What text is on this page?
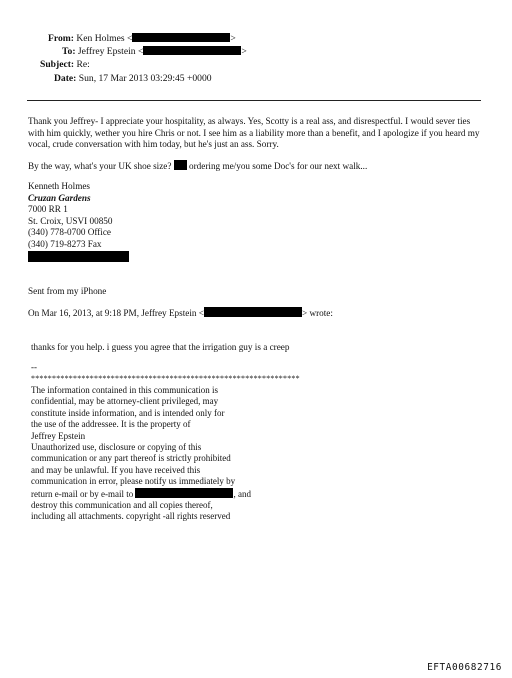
From: Ken Holmes <	>
To: Jeffrey Epstein <	>
Subject: Re:
Date: Sun, 17 Mar 2013 03:29:45 +0000

Thank you Jeffrey- I appreciate your hospitality, as always. Yes, Scotty is a real ass, and disrespectful. I would sever ties with him quickly, wether you hire Chris or not. I see him as a liability more than a benefit, and I apologize if you heard my vocal, crude conversation with him today, but he's just an ass. Sorry.

By the way, what's your UK shoe size?  ordering me/you some Doc's for our next walk...
Kenneth Holmes
Cruzan Gardens
7000 RR 1
St. Croix, USVI 00850
(340) 778-0700 Office
(340) 719-8273 Fax
Sent from my iPhone
On Mar 16, 2013, at 9:18 PM, Jeffrey Epstein <	> wrote:
thanks for you help. i guess you agree that the irrigation guy is a creep
--
****************************************************************
The information contained in this communication is
confidential, may be attorney-client privileged, may
constitute inside information, and is intended only for
the use of the addressee. It is the property of
Jeffrey Epstein
Unauthorized use, disclosure or copying of this
communication or any part thereof is strictly prohibited
and may be unlawful. If you have received this
communication in error, please notify us immediately by
return e-mail or by e-mail to	, and
destroy this communication and all copies thereof,
including all attachments. copyright -all rights reserved
EFTA00682716
